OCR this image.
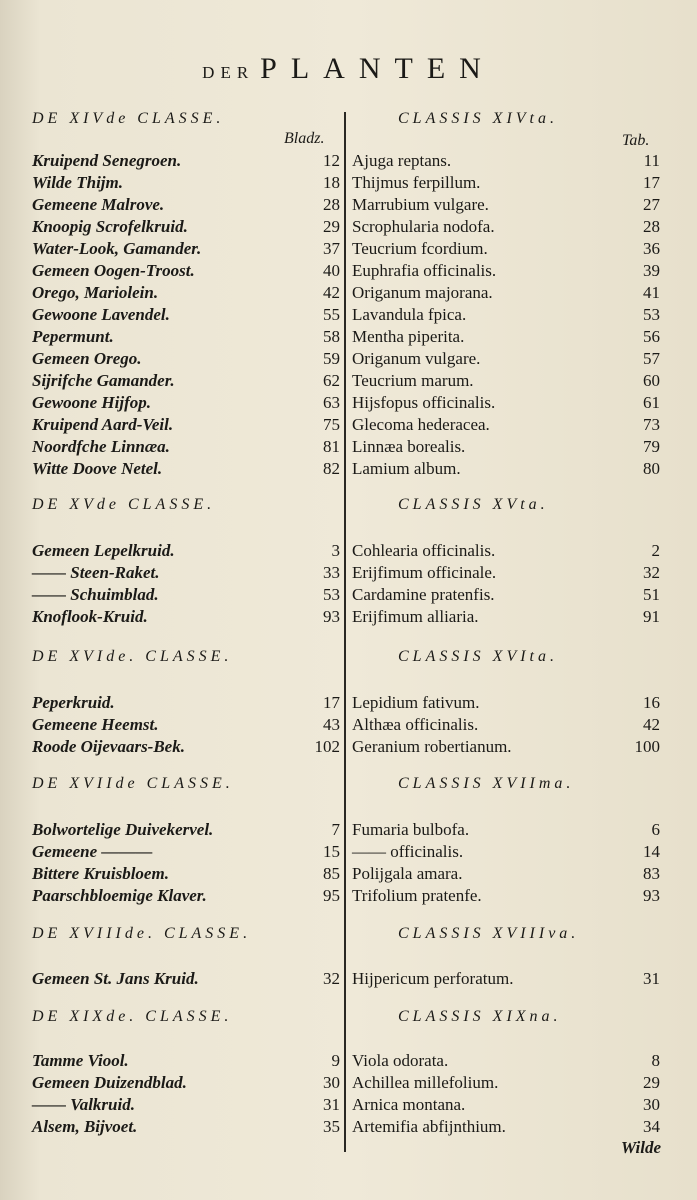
DER PLANTEN
Bladz.	Tab.
DE XIVde CLASSE.	CLASSIS XIVta.
Kruipend Senegroen.	12 Ajuga reptans.	11
Wilde Thijm.	18 Thijmus ferpillum.	17
Gemeene Malrove.	28 Marrubium vulgare.	27
Knoopig Scrofelkruid.	29 Scrophularia nodofa.	28
Water-Look, Gamander.	37 Teucrium fcordium.	36
Gemeen Oogen-Troost.	40 Euphrafia officinalis.	39
Orego, Mariolein.	42 Origanum majorana.	41
Gewoone Lavendel.	55 Lavandula fpica.	53
Pepermunt.	58 Mentha piperita.	56
Gemeen Orego.	59 Origanum vulgare.	57
Sijrifche Gamander.	62 Teucrium marum.	60
Gewoone Hijfop.	63 Hijsfopus officinalis.	61
Kruipend Aard-Veil.	75 Glecoma hederacea.	73
Noordfche Linnæa.	81 Linnæa borealis.	79
Witte Doove Netel.	82 Lamium album.	80
DE XVde CLASSE.	CLASSIS XVta.
Gemeen Lepelkruid.	3 Cohlearia officinalis.	2
—— Steen-Raket.	33 Erijfimum officinale.	32
—— Schuimblad.	53 Cardamine pratenfis.	51
Knoflook-Kruid.	93 Erijfimum alliaria.	91
DE XVIde. CLASSE.	CLASSIS XVIta.
Peperkruid.	17 Lepidium fativum.	16
Gemeene Heemst.	43 Althæa officinalis.	42
Roode Oijevaars-Bek.	102 Geranium robertianum.	100
DE XVIIde CLASSE.	CLASSIS XVIIma.
Bolwortelige Duivekervel.	7 Fumaria bulbofa.	6
Gemeene ———	15 —— officinalis.	14
Bittere Kruisbloem.	85 Polijgala amara.	83
Paarschbloemige Klaver.	95 Trifolium pratenfe.	93
DE XVIIIde. CLASSE.	CLASSIS XVIIIva.
Gemeen St. Jans Kruid.	32 Hijpericum perforatum.	31
DE XIXde. CLASSE.	CLASSIS XIXna.
Tamme Viool.	9 Viola odorata.	8
Gemeen Duizendblad.	30 Achillea millefolium.	29
—— Valkruid.	31 Arnica montana.	30
Alsem, Bijvoet.	35 Artemifia abfijnthium.	34
Wilde
